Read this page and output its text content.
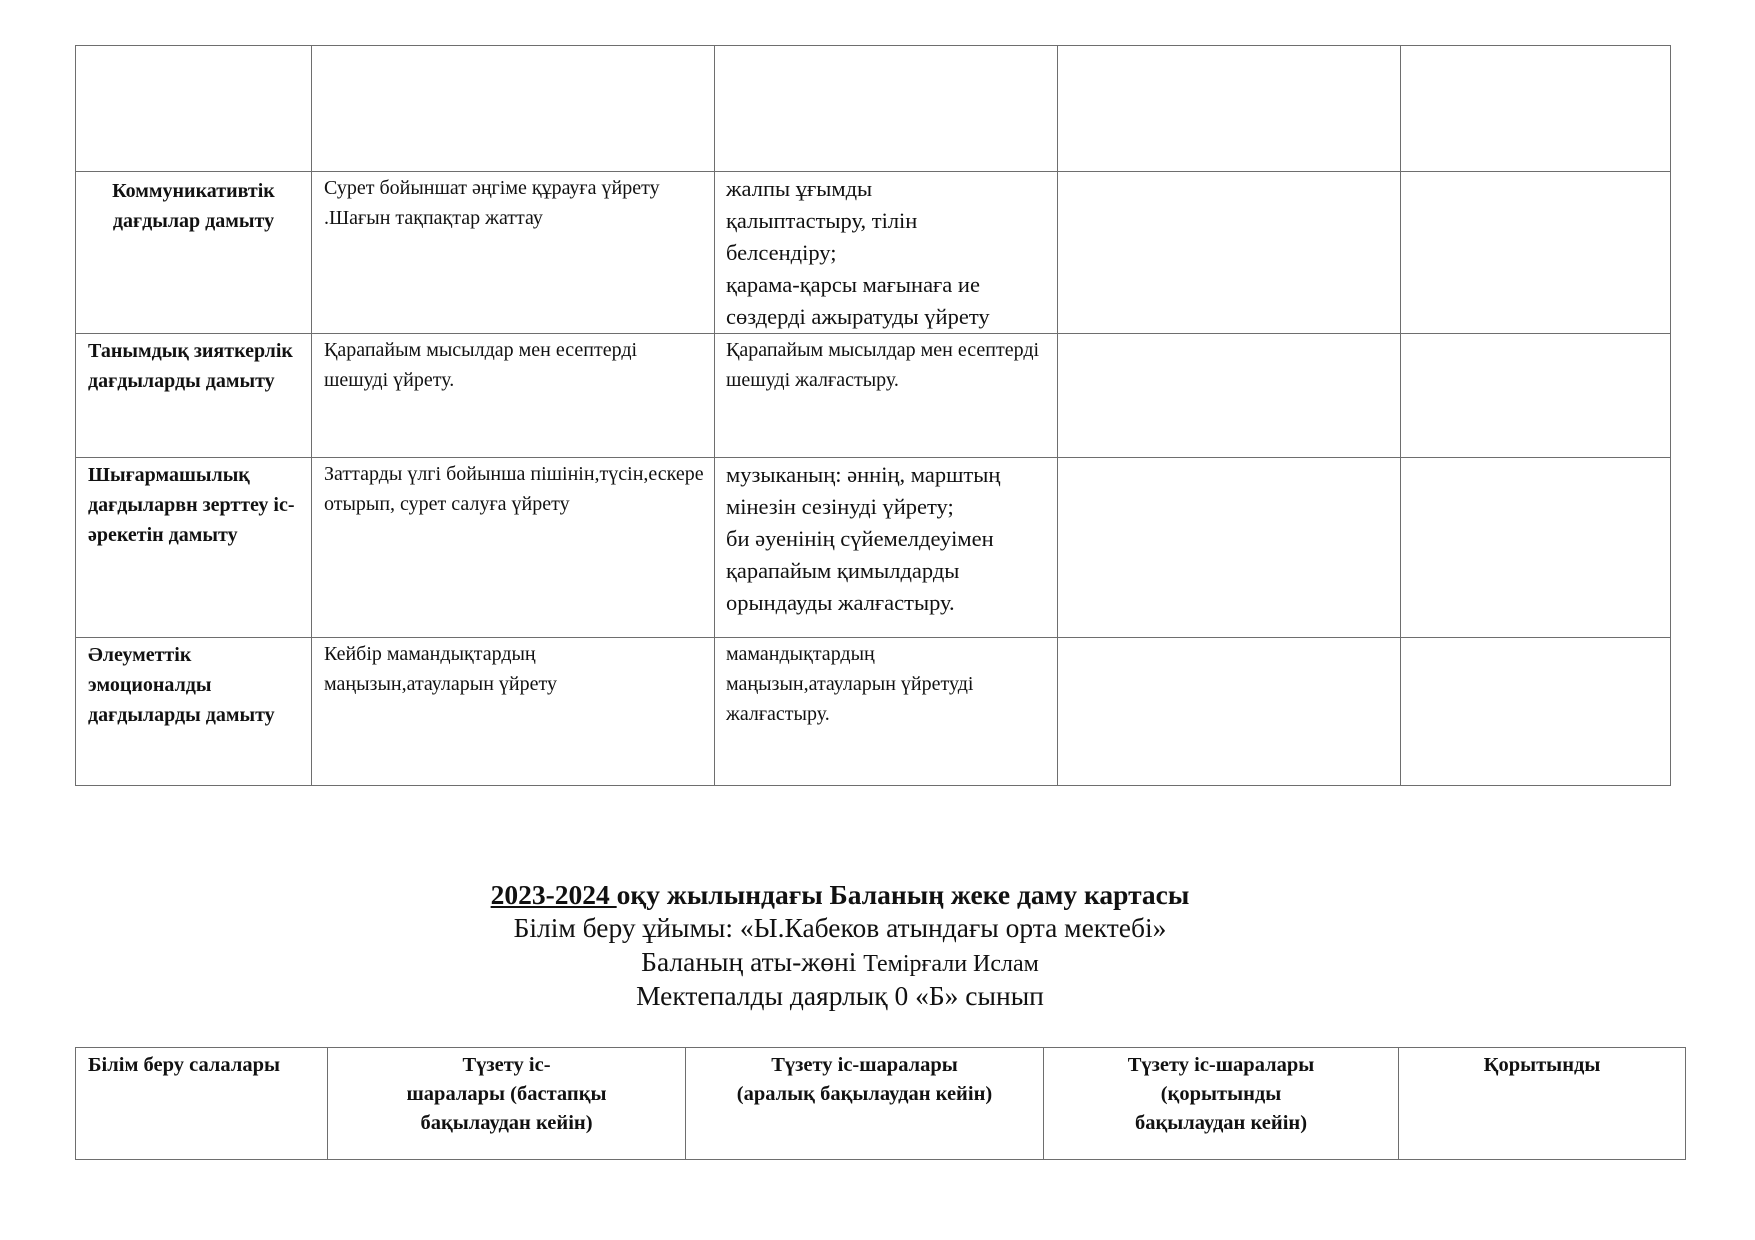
Коммуникативтік дағдылар дамыту	Сурет бойыншат әңгіме құрауға үйрету .Шағын тақпақтар жаттау	жалпы ұғымды
қалыптастыру, тілін
белсендіру;
қарама-қарсы мағынаға ие
сөздерді ажыратуды үйрету		
Танымдық зияткерлік дағдыларды дамыту	Қарапайым мысылдар мен есептерді шешуді үйрету.	Қарапайым мысылдар мен есептерді шешуді жалғастыру.		
Шығармашылық дағдыларвн зерттеу іс-әрекетін дамыту	Заттарды үлгі бойынша пішінін,түсін,ескере отырып, сурет салуға үйрету	музыканың: әннің, марштың
мінезін сезінуді үйрету;
би әуенінің сүйемелдеуімен
қарапайым қимылдарды
орындауды жалғастыру.		
Әлеуметтік эмоционалды дағдыларды дамыту	Кейбір мамандықтардың маңызын,атауларын үйрету	мамандықтардың маңызын,атауларын үйретуді жалғастыру.		
2023-2024 оқу жылындағы Баланың жеке даму картасы
Білім беру ұйымы: «Ы.Кабеков атындағы орта мектебі»
Баланың аты-жөні Темірғали Ислам
Мектепалды даярлық 0 «Б» сынып
Білім беру салалары	Түзету іс-
шаралары (бастапқы
бақылаудан кейін)	Түзету іс-шаралары
(аралық бақылаудан кейін)	Түзету іс-шаралары
(қорытынды
бақылаудан кейін)	Қорытынды
